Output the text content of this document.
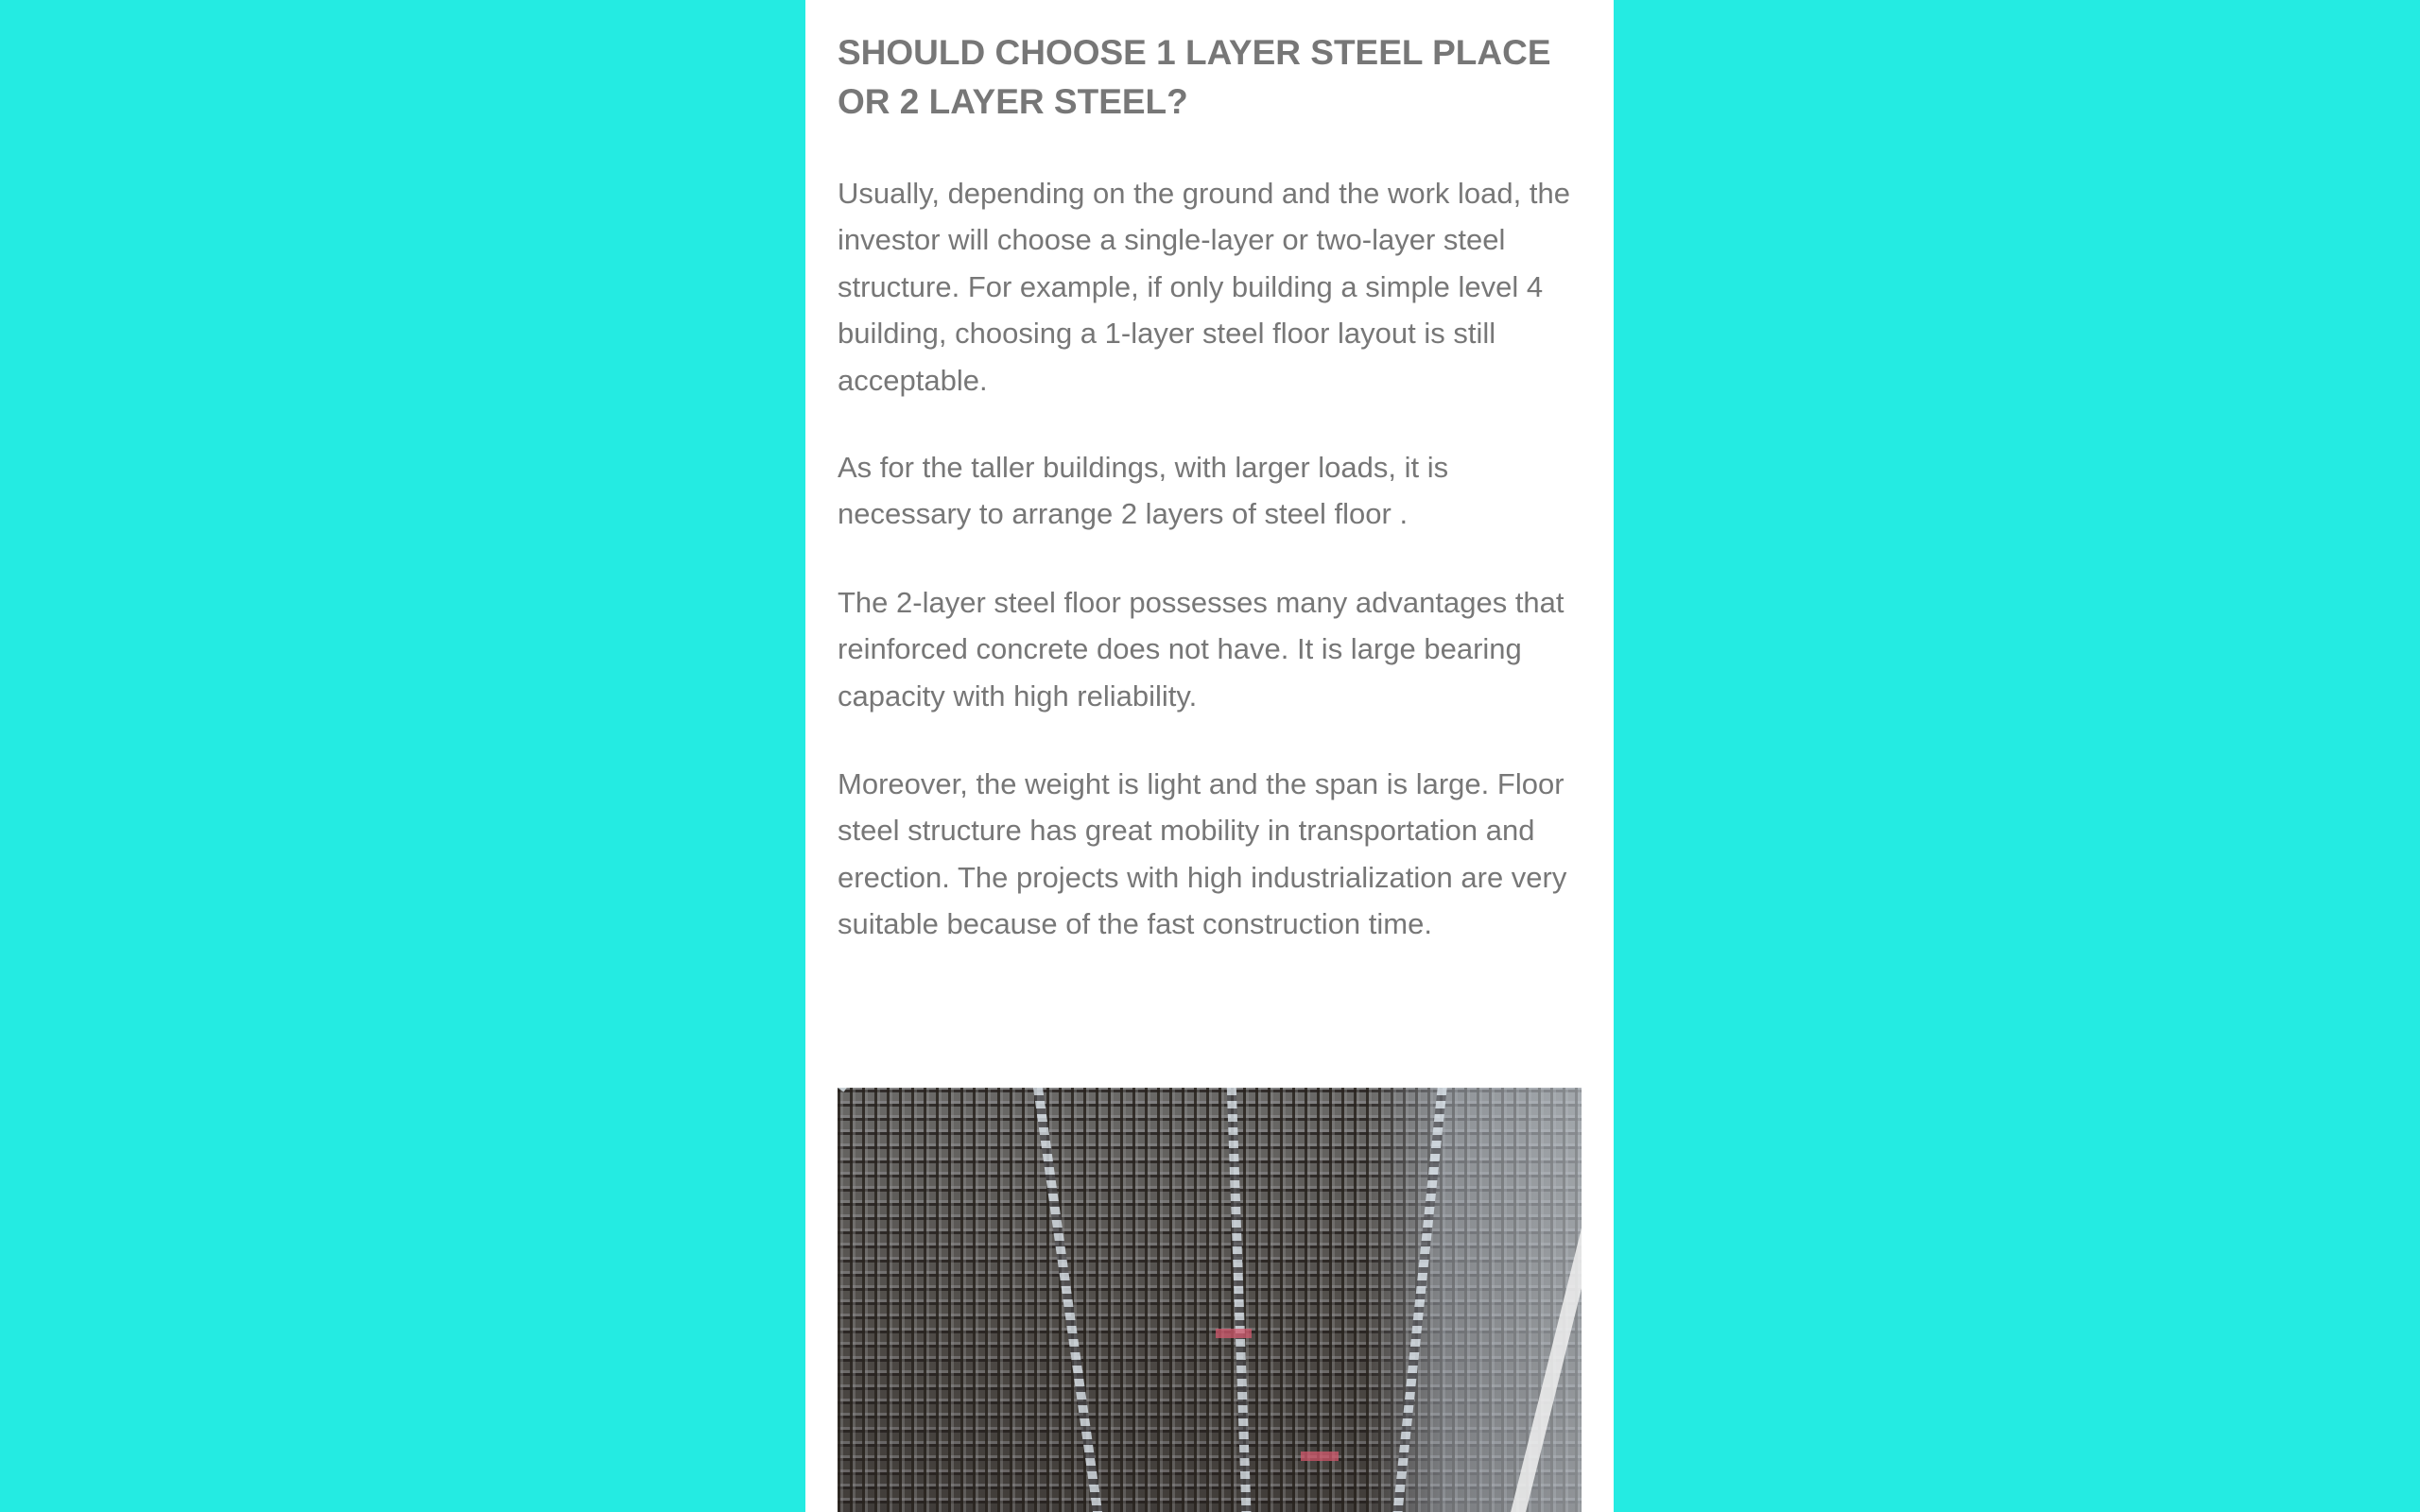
SHOULD CHOOSE 1 LAYER STEEL PLACE OR 2 LAYER STEEL?

Usually, depending on the ground and the work load, the investor will choose a single-layer or two-layer steel structure. For example, if only building a simple level 4 building, choosing a 1-layer steel floor layout is still acceptable.

As for the taller buildings, with larger loads, it is necessary to arrange 2 layers of steel floor .

The 2-layer steel floor possesses many advantages that reinforced concrete does not have. It is large bearing capacity with high reliability.

Moreover, the weight is light and the span is large. Floor steel structure has great mobility in transportation and erection. The projects with high industrialization are very suitable because of the fast construction time.
